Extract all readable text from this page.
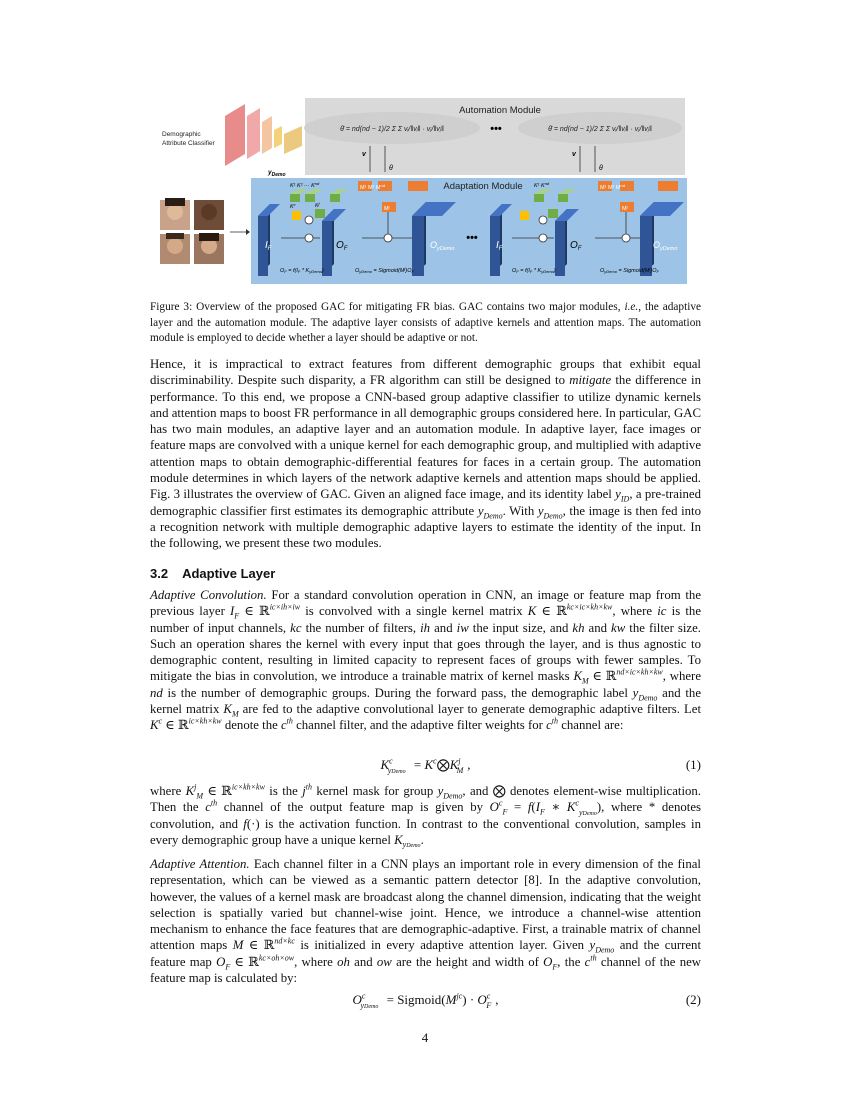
Automation Module
θ̄ = nd(nd − 1)/2 Σ Σ vᵢ/‖vᵢ‖ · vⱼ/‖vⱼ‖	θ̄ = nd(nd − 1)/2 Σ Σ vᵢ/‖vᵢ‖ · vⱼ/‖vⱼ‖
•••
v
θ
v
θ
Demographic
Attribute Classifier
$y_{Demo}$
Adaptation Module
$I_F$	$O_F$	$O_{yDemo}$
OF = f(IF * KyDemo)	OyDemo = $Sigmoid(M^j)OF$
•••
$I_F$	$O_F$	$O_{yDemo}$
OF = f(IF * KyDemo)	OyDemo = $Sigmoid(M^j)OF$
K¹ K² ··· $K^{nd}$
M¹ M² Mnd
$K^c$	$K^j$
$M^j$
K¹ $K^{nd}$
M¹ M² Mnd
$M^j$
Figure 3: Overview of the proposed GAC for mitigating FR bias. GAC contains two major modules, i.e., the adaptive layer and the automation module. The adaptive layer consists of adaptive kernels and attention maps. The automation module is employed to decide whether a layer should be adaptive or not.
Hence, it is impractical to extract features from different demographic groups that exhibit equal discriminability. Despite such disparity, a FR algorithm can still be designed to mitigate the difference in performance. To this end, we propose a CNN-based group adaptive classifier to utilize dynamic kernels and attention maps to boost FR performance in all demographic groups considered here. In particular, GAC has two main modules, an adaptive layer and an automation module. In adaptive layer, face images or feature maps are convolved with a unique kernel for each demographic group, and multiplied with adaptive attention maps to obtain demographic-differential features for faces in a certain group. The automation module determines in which layers of the network adaptive kernels and attention maps should be applied. Fig. 3 illustrates the overview of GAC. Given an aligned face image, and its identity label $y_{ID}$, a pre-trained demographic classifier first estimates its demographic attribute $y_{Demo}$. With $y_{Demo}$, the image is then fed into a recognition network with multiple demographic adaptive layers to estimate the identity of the input. In the following, we present these two modules.
3.2 Adaptive Layer
Adaptive Convolution. For a standard convolution operation in CNN, an image or feature map from the previous layer $I_F$ ∈ ℝ$^{ic\times ih\times iw}$ is convolved with a single kernel matrix K ∈ ℝ$^{kc\times ic\times kh\times kw}$, where ic is the number of input channels, kc the number of filters, ih and iw the input size, and kh and kw the filter size. Such an operation shares the kernel with every input that goes through the layer, and is thus agnostic to demographic content, resulting in limited capacity to represent faces of groups with fewer samples. To mitigate the bias in convolution, we introduce a trainable matrix of kernel masks $K_M$ ∈ ℝ$^{nd\times ic\times kh\times kw}$, where nd is the number of demographic groups. During the forward pass, the demographic label $y_{Demo}$ and the kernel matrix $K_M$ are fed to the adaptive convolutional layer to generate demographic adaptive filters. Let $K^c$ ∈ ℝ$^{ic\times kh\times kw}$ denote the $c^{th}$ channel filter, and the adaptive filter weights for $c^{th}$ channel are:
$K^c_{yDemo}$ = $K^c⨂K^j_M$ ,	(1)
where $K^j_M$ ∈ ℝ$^{ic\times kh\times kw}$ is the $j^{th}$ kernel mask for group $y_{Demo}$, and ⨂ denotes element-wise multiplication. Then the $c^{th}$ channel of the output feature map is given by $O^c_F = f(I_F$ ∗ $K^c_{yDemo}$), where * denotes convolution, and f(·) is the activation function. In contrast to the conventional convolution, samples in every demographic group have a unique kernel $K_{yDemo}$.
Adaptive Attention. Each channel filter in a CNN plays an important role in every dimension of the final representation, which can be viewed as a semantic pattern detector [8]. In the adaptive convolution, however, the values of a kernel mask are broadcast along the channel dimension, indicating that the weight selection is spatially varied but channel-wise joint. Hence, we introduce a channel-wise attention mechanism to enhance the face features that are demographic-adaptive. First, a trainable matrix of channel attention maps M ∈ ℝ$^{nd\times kc}$ is initialized in every adaptive attention layer. Given $y_{Demo}$ and the current feature map $O_F$ ∈ ℝ$^{kc\times oh\times ow}$, where oh and ow are the height and width of $O_F$, the $c^{th}$ channel of the new feature map is calculated by:
$O^c_{yDemo}$ = $Sigmoid(M^{jc}) \cdot O^c_F$ ,	(2)
4
